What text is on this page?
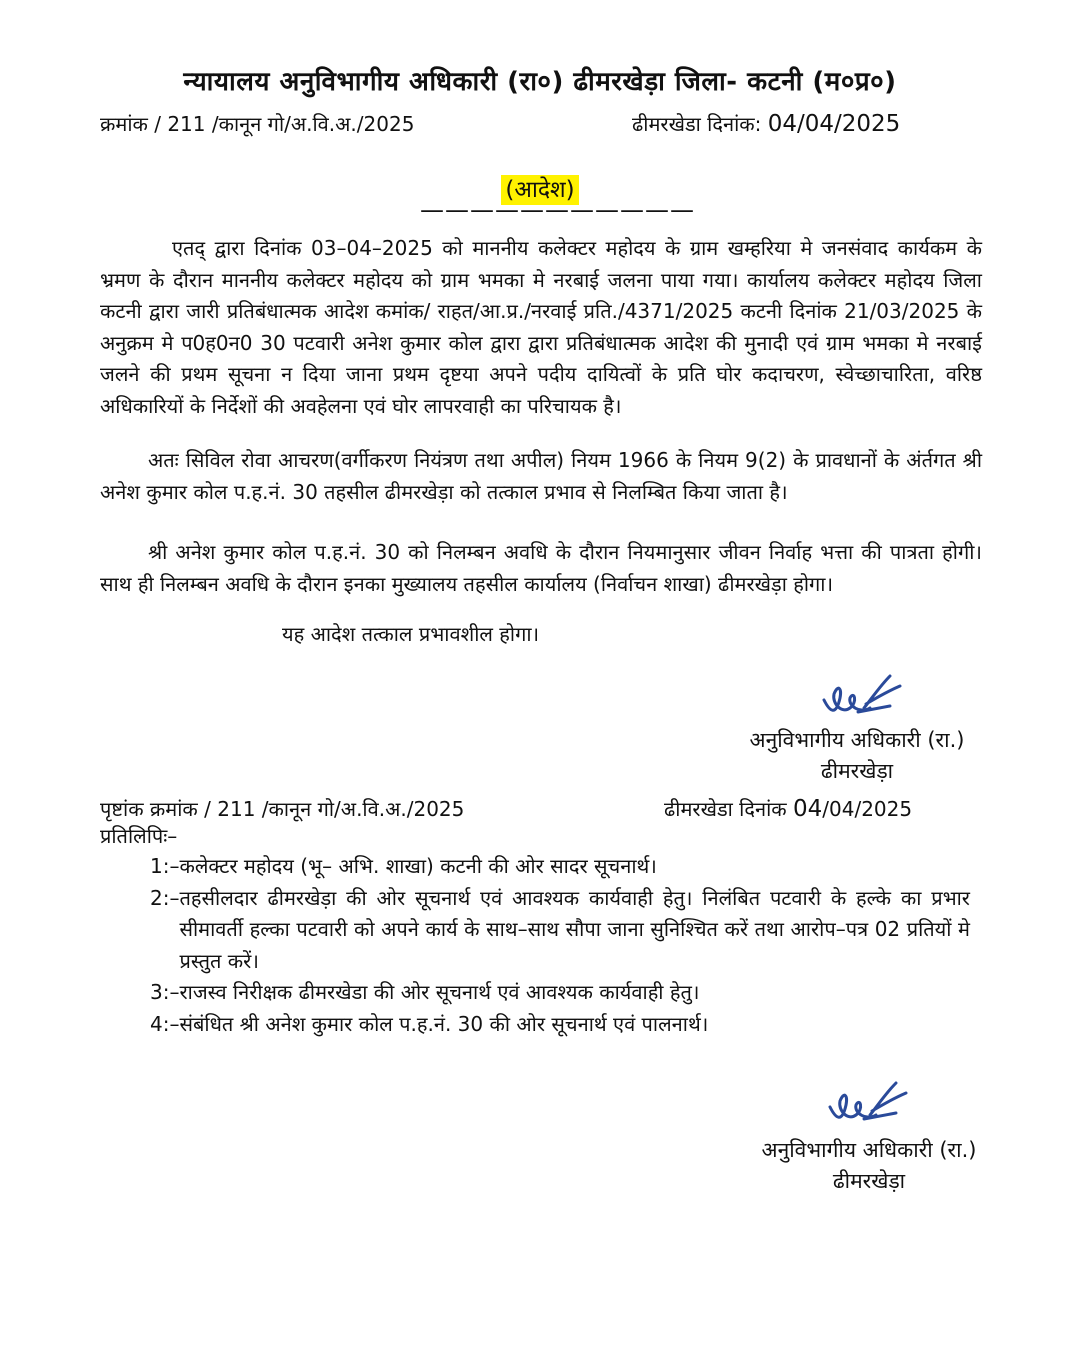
न्यायालय अनुविभागीय अधिकारी (रा०) ढीमरखेड़ा जिला- कटनी (म०प्र०)
क्रमांक / 211 /कानून गो/अ.वि.अ./2025	ढीमरखेडा दिनांक: 04/04/2025
(आदेश)
———————————
एतद् द्वारा दिनांक 03–04–2025 को माननीय कलेक्टर महोदय के ग्राम खम्हरिया मे जनसंवाद कार्यकम के भ्रमण के दौरान माननीय कलेक्टर महोदय को ग्राम भमका मे नरबाई जलना पाया गया। कार्यालय कलेक्टर महोदय जिला कटनी द्वारा जारी प्रतिबंधात्मक आदेश कमांक/ राहत/आ.प्र./नरवाई प्रति./4371/2025 कटनी दिनांक 21/03/2025 के अनुक्रम मे प0ह0न0 30 पटवारी अनेश कुमार कोल द्वारा द्वारा प्रतिबंधात्मक आदेश की मुनादी एवं ग्राम भमका मे नरबाई जलने की प्रथम सूचना न दिया जाना प्रथम दृष्टया अपने पदीय दायित्वों के प्रति घोर कदाचरण, स्वेच्छाचारिता, वरिष्ठ अधिकारियों के निर्देशों की अवहेलना एवं घोर लापरवाही का परिचायक है।
अतः सिविल रोवा आचरण(वर्गीकरण नियंत्रण तथा अपील) नियम 1966 के नियम 9(2) के प्रावधानों के अंर्तगत श्री अनेश कुमार कोल प.ह.नं. 30 तहसील ढीमरखेड़ा को तत्काल प्रभाव से निलम्बित किया जाता है।
श्री अनेश कुमार कोल प.ह.नं. 30 को निलम्बन अवधि के दौरान नियमानुसार जीवन निर्वाह भत्ता की पात्रता होगी। साथ ही निलम्बन अवधि के दौरान इनका मुख्यालय तहसील कार्यालय (निर्वाचन शाखा) ढीमरखेड़ा होगा।
यह आदेश तत्काल प्रभावशील होगा।
अनुविभागीय अधिकारी (रा.)
ढीमरखेड़ा
पृष्टांक क्रमांक / 211 /कानून गो/अ.वि.अ./2025	ढीमरखेडा दिनांक 04/04/2025
प्रतिलिपिः–
1:– कलेक्टर महोदय (भू– अभि. शाखा) कटनी की ओर सादर सूचनार्थ।
2:– तहसीलदार ढीमरखेड़ा की ओर सूचनार्थ एवं आवश्यक कार्यवाही हेतु। निलंबित पटवारी के हल्के का प्रभार सीमावर्ती हल्का पटवारी को अपने कार्य के साथ–साथ सौपा जाना सुनिश्चित करें तथा आरोप–पत्र 02 प्रतियों मे प्रस्तुत करें।
3:– राजस्व निरीक्षक ढीमरखेडा की ओर सूचनार्थ एवं आवश्यक कार्यवाही हेतु।
4:– संबंधित श्री अनेश कुमार कोल प.ह.नं. 30 की ओर सूचनार्थ एवं पालनार्थ।
अनुविभागीय अधिकारी (रा.)
ढीमरखेड़ा
